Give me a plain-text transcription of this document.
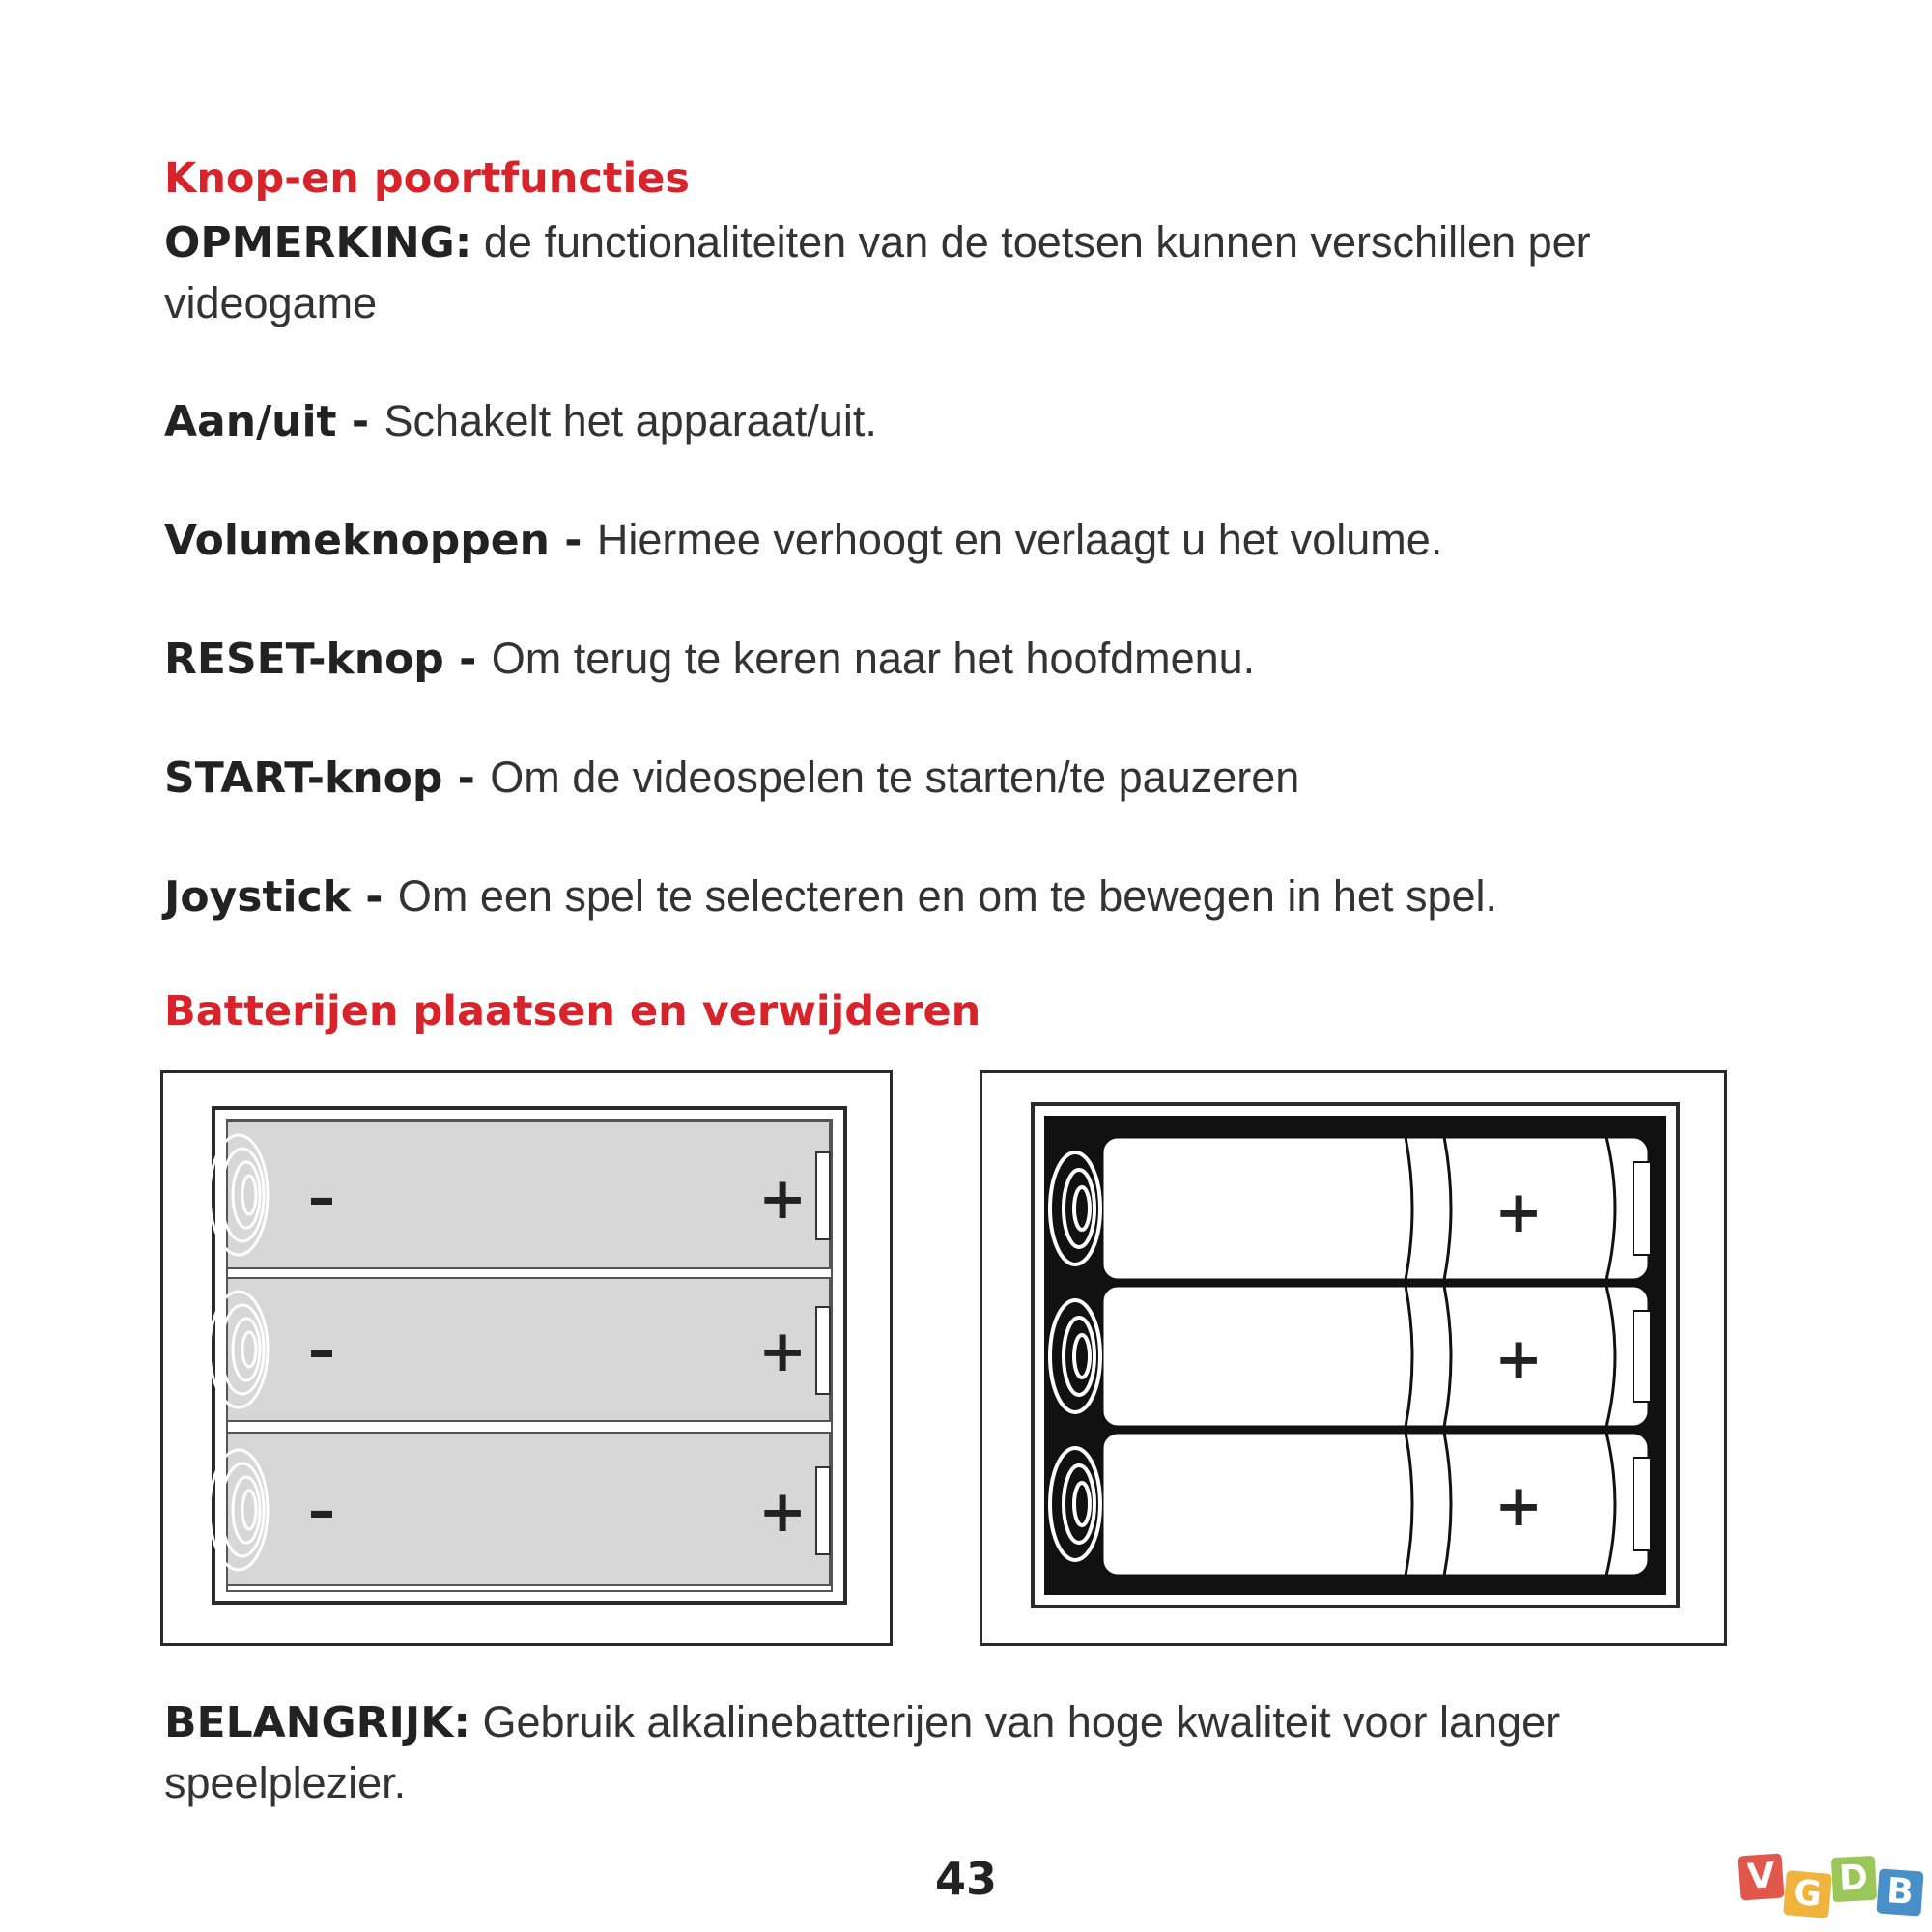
Knop-en poortfuncties

OPMERKING: de functionaliteiten van de toetsen kunnen verschillen per videogame

Aan/uit - Schakelt het apparaat/uit.

Volumeknoppen - Hiermee verhoogt en verlaagt u het volume.

RESET-knop - Om terug te keren naar het hoofdmenu.

START-knop - Om de videospelen te starten/te pauzeren

Joystick - Om een spel te selecteren en om te bewegen in het spel.

Batterijen plaatsen en verwijderen
–	+
–	+
–	+
+
+
+

BELANGRIJK: Gebruik alkalinebatterijen van hoge kwaliteit voor langer speelplezier.

43	V G D B
